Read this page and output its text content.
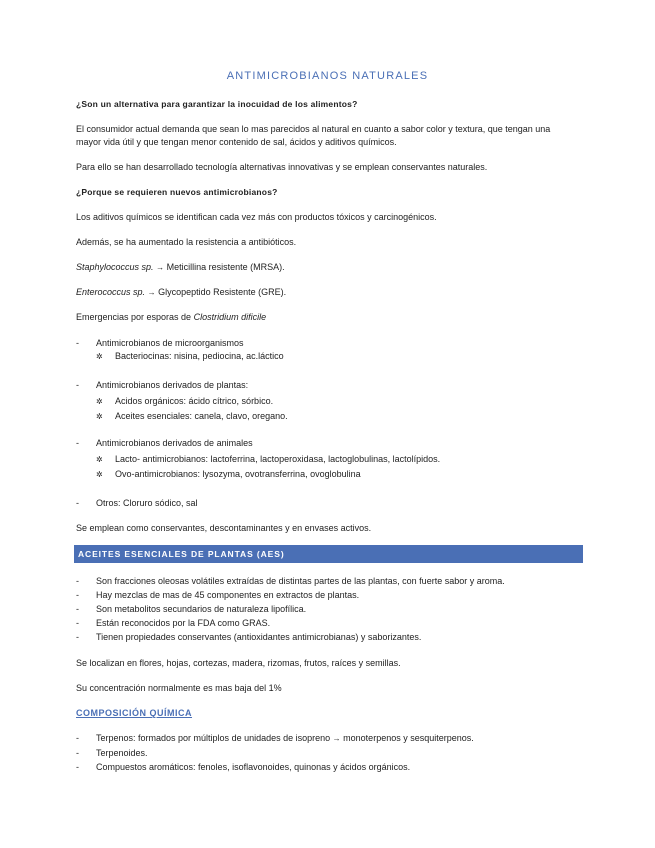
ANTIMICROBIANOS NATURALES
¿Son un alternativa para garantizar la inocuidad de los alimentos?
El consumidor actual demanda que sean lo mas parecidos al natural en cuanto a sabor color y textura, que tengan una
mayor vida útil y que tengan menor contenido de sal, ácidos y aditivos químicos.
Para ello se han desarrollado tecnología alternativas innovativas y se emplean conservantes naturales.
¿Porque se requieren nuevos antimicrobianos?
Los aditivos químicos se identifican cada vez más con productos tóxicos y carcinogénicos.
Además, se ha aumentado la resistencia a antibióticos.
Staphylococcus sp. → Meticillina resistente (MRSA).
Enterococcus sp. → Glycopeptido Resistente (GRE).
Emergencias por esporas de Clostridium dificile
- Antimicrobianos de microorganismos
✲ Bacteriocinas: nisina, pediocina, ac.láctico
- Antimicrobianos derivados de plantas:
✲ Acidos orgánicos: ácido cítrico, sórbico.
✲ Aceites esenciales: canela, clavo, oregano.
- Antimicrobianos derivados de animales
✲ Lacto- antimicrobianos: lactoferrina, lactoperoxidasa, lactoglobulinas, lactolípidos.
✲ Ovo-antimicrobianos: lysozyma, ovotransferrina, ovoglobulina
- Otros: Cloruro sódico, sal
Se emplean como conservantes, descontaminantes y en envases activos.
ACEITES ESENCIALES DE PLANTAS (AES)
- Son fracciones oleosas volátiles extraídas de distintas partes de las plantas, con fuerte sabor y aroma.
- Hay mezclas de mas de 45 componentes en extractos de plantas.
- Son metabolitos secundarios de naturaleza lipofílica.
- Están reconocidos por la FDA como GRAS.
- Tienen propiedades conservantes (antioxidantes antimicrobianas) y saborizantes.
Se localizan en flores, hojas, cortezas, madera, rizomas, frutos, raíces y semillas.
Su concentración normalmente es mas baja del 1%
COMPOSICIÓN QUÍMICA
- Terpenos: formados por múltiplos de unidades de isopreno → monoterpenos y sesquiterpenos.
- Terpenoides.
- Compuestos aromáticos: fenoles, isoflavonoides, quinonas y ácidos orgánicos.
